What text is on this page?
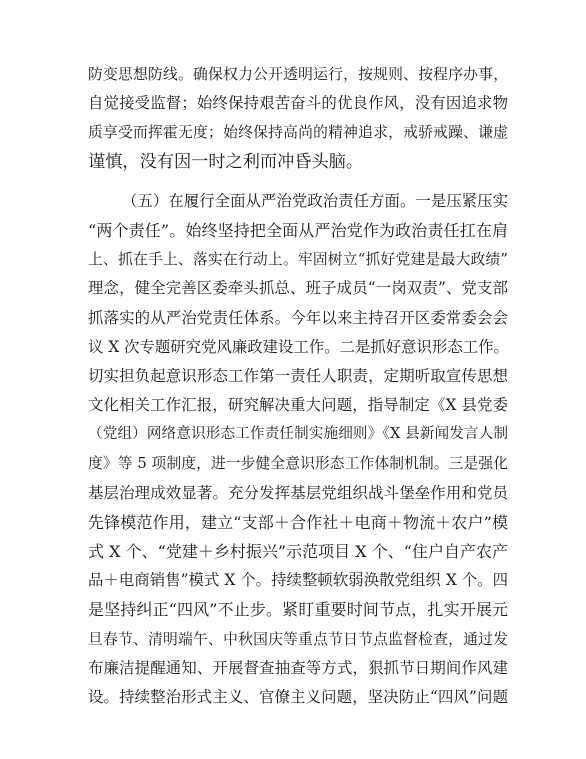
防变思想防线。确保权力公开透明运行，按规则、按程序办事，
自觉接受监督；始终保持艰苦奋斗的优良作风，没有因追求物
质享受而挥霍无度；始终保持高尚的精神追求，戒骄戒躁、谦虚
谨慎，没有因一时之利而冲昏头脑。
（五）在履行全面从严治党政治责任方面。一是压紧压实
“两个责任”。始终坚持把全面从严治党作为政治责任扛在肩
上、抓在手上、落实在行动上。牢固树立“抓好党建是最大政绩”
理念，健全完善区委牵头抓总、班子成员“一岗双责”、党支部
抓落实的从严治党责任体系。今年以来主持召开区委常委会会
议 X 次专题研究党风廉政建设工作。二是抓好意识形态工作。
切实担负起意识形态工作第一责任人职责，定期听取宣传思想
文化相关工作汇报，研究解决重大问题，指导制定《X 县党委
（党组）网络意识形态工作责任制实施细则》《X 县新闻发言人制
度》等 5 项制度，进一步健全意识形态工作体制机制。三是强化
基层治理成效显著。充分发挥基层党组织战斗堡垒作用和党员
先锋模范作用，建立“支部＋合作社＋电商＋物流＋农户”模
式 X 个、“党建＋乡村振兴”示范项目 X 个、“住户自产农产
品＋电商销售”模式 X 个。持续整顿软弱涣散党组织 X 个。四
是坚持纠正“四风”不止步。紧盯重要时间节点，扎实开展元
旦春节、清明端午、中秋国庆等重点节日节点监督检查，通过发
布廉洁提醒通知、开展督查抽查等方式，狠抓节日期间作风建
设。持续整治形式主义、官僚主义问题，坚决防止“四风”问题
